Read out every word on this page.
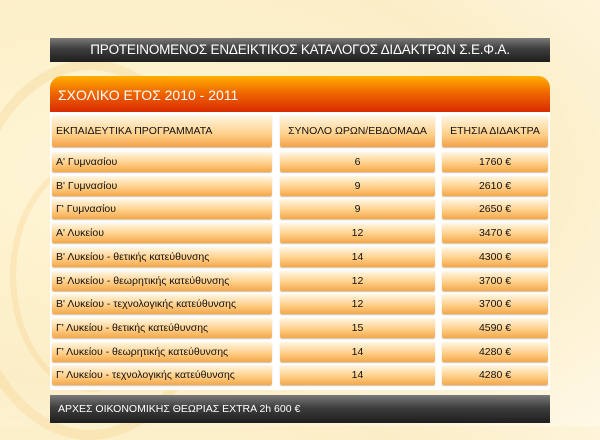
ΠΡΟΤΕΙΝΟΜΕΝΟΣ ΕΝΔΕΙΚΤΙΚΟΣ ΚΑΤΑΛΟΓΟΣ ΔΙΔΑΚΤΡΩΝ Σ.Ε.Φ.Α.
ΣΧΟΛΙΚΟ ΕΤΟΣ 2010 - 2011
ΕΚΠΑΙΔΕΥΤΙΚΑ ΠΡΟΓΡΑΜΜΑΤΑ	ΣΥΝΟΛΟ ΩΡΩΝ/ΕΒΔΟΜΑΔΑ	ΕΤΗΣΙΑ ΔΙΔΑΚΤΡΑ
Α' Γυμνασίου	6	1760 €
Β' Γυμνασίου	9	2610 €
Γ' Γυμνασίου	9	2650 €
Α' Λυκείου	12	3470 €
Β' Λυκείου - θετικής κατεύθυνσης	14	4300 €
Β' Λυκείου - θεωρητικής κατεύθυνσης	12	3700 €
Β' Λυκείου - τεχνολογικής κατεύθυνσης	12	3700 €
Γ' Λυκείου - θετικής κατεύθυνσης	15	4590 €
Γ' Λυκείου - θεωρητικής κατεύθυνσης	14	4280 €
Γ' Λυκείου - τεχνολογικής κατεύθυνσης	14	4280 €
ΑΡΧΕΣ ΟΙΚΟΝΟΜΙΚΗΣ ΘΕΩΡΙΑΣ EXTRA 2h 600 €
